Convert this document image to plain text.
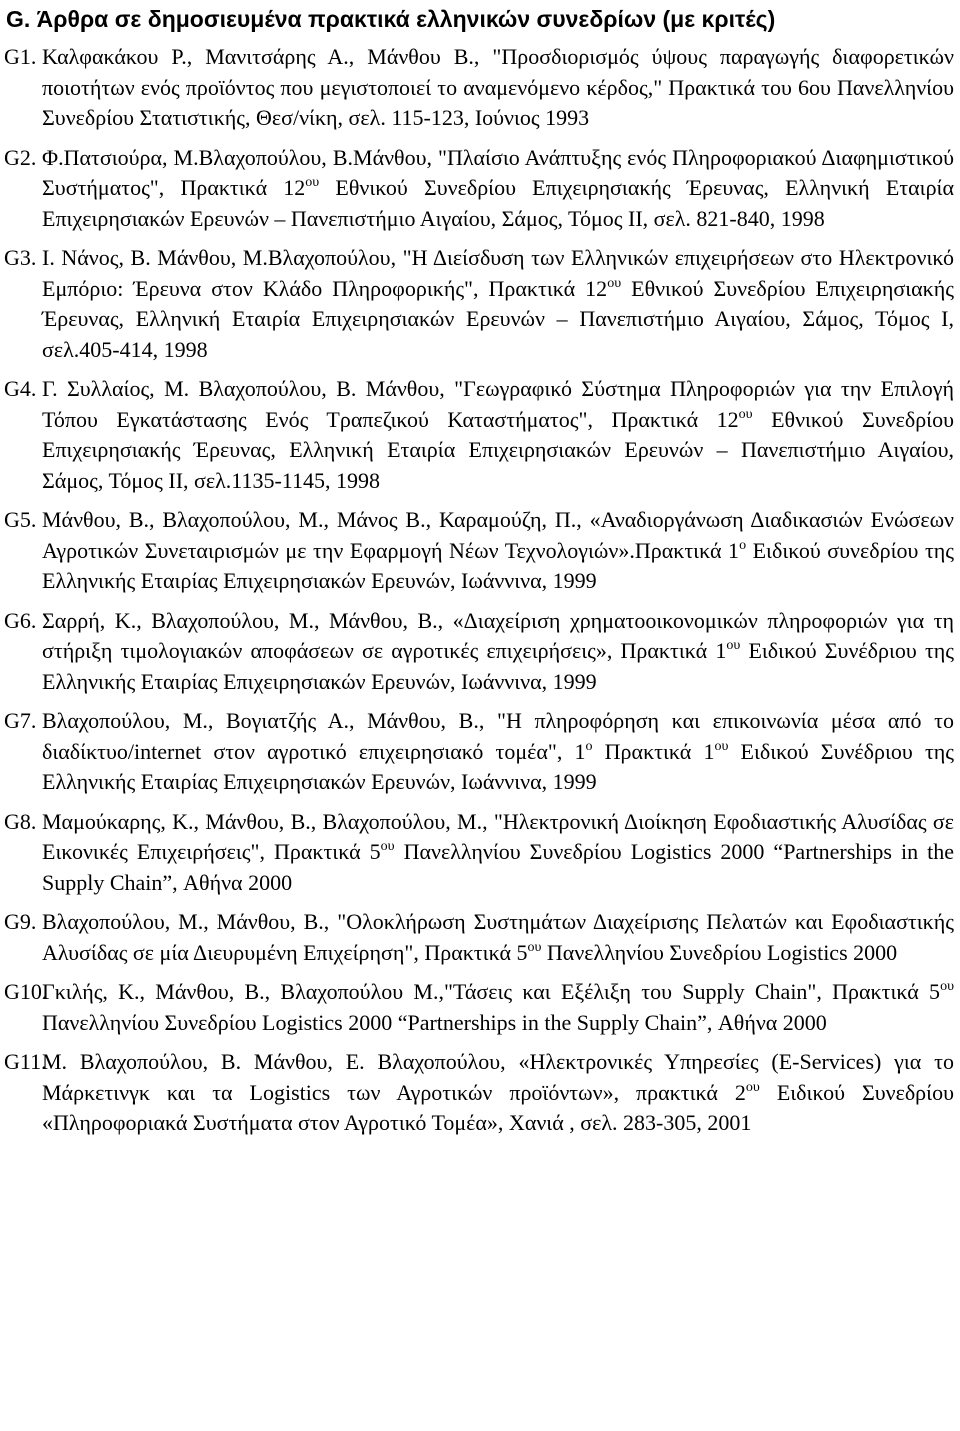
G. Άρθρα σε δημοσιευμένα πρακτικά ελληνικών συνεδρίων (με κριτές)
G1. Καλφακάκου Ρ., Μανιτσάρης Α., Μάνθου Β., "Προσδιορισμός ύψους παραγωγής διαφορετικών ποιοτήτων ενός προϊόντος που μεγιστοποιεί το αναμενόμενο κέρδος," Πρακτικά του 6ου Πανελληνίου Συνεδρίου Στατιστικής, Θεσ/νίκη, σελ. 115-123, Ιούνιος 1993
G2. Φ.Πατσιούρα, Μ.Βλαχοπούλου, Β.Μάνθου, "Πλαίσιο Ανάπτυξης ενός Πληροφοριακού Διαφημιστικού Συστήματος", Πρακτικά $12^{o\upsilon}$ Εθνικού Συνεδρίου Επιχειρησιακής Έρευνας, Ελληνική Εταιρία Επιχειρησιακών Ερευνών – Πανεπιστήμιο Αιγαίου, Σάμος, Τόμος ΙΙ, σελ. 821-840, 1998
G3. Ι. Νάνος, Β. Μάνθου, Μ.Βλαχοπούλου, "Η Διείσδυση των Ελληνικών επιχειρήσεων στο Ηλεκτρονικό Εμπόριο: Έρευνα στον Κλάδο Πληροφορικής", Πρακτικά $12^{o\upsilon}$ Εθνικού Συνεδρίου Επιχειρησιακής Έρευνας, Ελληνική Εταιρία Επιχειρησιακών Ερευνών – Πανεπιστήμιο Αιγαίου, Σάμος, Τόμος Ι, σελ.405-414, 1998
G4. Γ. Συλλαίος, Μ. Βλαχοπούλου, Β. Μάνθου, "Γεωγραφικό Σύστημα Πληροφοριών για την Επιλογή Τόπου Εγκατάστασης Ενός Τραπεζικού Καταστήματος", Πρακτικά $12^{o\upsilon}$ Εθνικού Συνεδρίου Επιχειρησιακής Έρευνας, Ελληνική Εταιρία Επιχειρησιακών Ερευνών – Πανεπιστήμιο Αιγαίου, Σάμος, Τόμος ΙΙ, σελ.1135-1145, 1998
G5. Μάνθου, Β., Βλαχοπούλου, Μ., Μάνος Β., Καραμούζη, Π., «Αναδιοργάνωση Διαδικασιών Ενώσεων Αγροτικών Συνεταιρισμών με την Εφαρμογή Νέων Τεχνολογιών».Πρακτικά $1^o$ Ειδικού συνεδρίου της Ελληνικής Εταιρίας Επιχειρησιακών Ερευνών, Ιωάννινα, 1999
G6. Σαρρή, Κ., Βλαχοπούλου, Μ., Μάνθου, Β., «Διαχείριση χρηματοοικονομικών πληροφοριών για τη στήριξη τιμολογιακών αποφάσεων σε αγροτικές επιχειρήσεις», Πρακτικά $1^{o\upsilon}$ Ειδικού Συνέδριου της Ελληνικής Εταιρίας Επιχειρησιακών Ερευνών, Ιωάννινα, 1999
G7. Βλαχοπούλου, Μ., Βογιατζής Α., Μάνθου, Β., "Η πληροφόρηση και επικοινωνία μέσα από το διαδίκτυο/internet στον αγροτικό επιχειρησιακό τομέα", $1^o$ Πρακτικά $1^{o\upsilon}$ Ειδικού Συνέδριου της Ελληνικής Εταιρίας Επιχειρησιακών Ερευνών, Ιωάννινα, 1999
G8. Μαμούκαρης, Κ., Μάνθου, Β., Βλαχοπούλου, Μ., "Ηλεκτρονική Διοίκηση Εφοδιαστικής Αλυσίδας σε Εικονικές Επιχειρήσεις", Πρακτικά $5^{o\upsilon}$ Πανελληνίου Συνεδρίου Logistics 2000 “Partnerships in the Supply Chain”, Αθήνα 2000
G9. Βλαχοπούλου, Μ., Μάνθου, Β., "Ολοκλήρωση Συστημάτων Διαχείρισης Πελατών και Εφοδιαστικής Αλυσίδας σε μία Διευρυμένη Επιχείρηση", Πρακτικά $5^{o\upsilon}$ Πανελληνίου Συνεδρίου Logistics 2000
G10.
Γκιλής, Κ., Μάνθου, Β., Βλαχοπούλου Μ.,"Τάσεις και Εξέλιξη του Supply Chain", Πρακτικά $5^{o\upsilon}$ Πανελληνίου Συνεδρίου Logistics 2000 “Partnerships in the Supply Chain”, Αθήνα 2000
G11.
Μ. Βλαχοπούλου, Β. Μάνθου, Ε. Βλαχοπούλου, «Ηλεκτρονικές Υπηρεσίες (E-Services) για το Μάρκετινγκ και τα Logistics των Αγροτικών προϊόντων», πρακτικά $2^{o\upsilon}$ Ειδικού Συνεδρίου «Πληροφοριακά Συστήματα στον Αγροτικό Τομέα», Χανιά , σελ. 283-305, 2001
